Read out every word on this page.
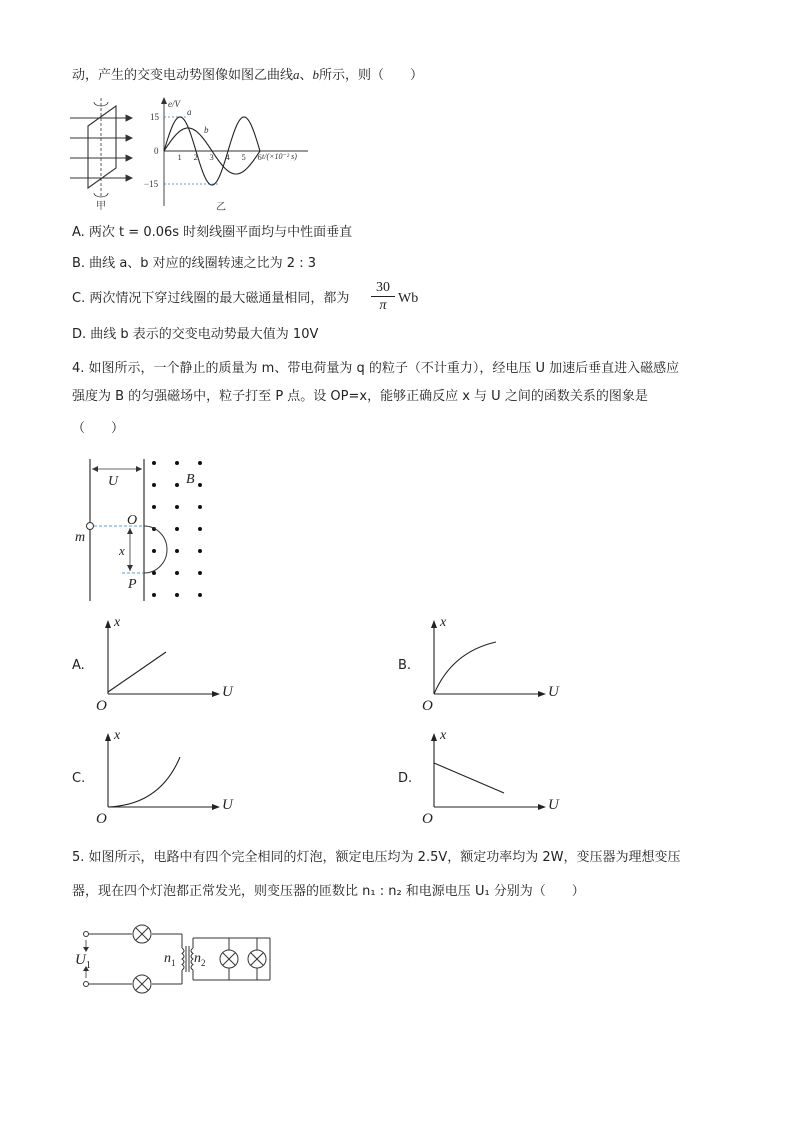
动，产生的交变电动势图像如图乙曲线a、b所示，则（　　）
甲
e/V
15
0
−15
t/(×10⁻² s)
1 2 3 4 5 6
a
b
乙
A. 两次 t = 0.06s 时刻线圈平面均与中性面垂直
B. 曲线 a、b 对应的线圈转速之比为 2 : 3
C. 两次情况下穿过线圈的最大磁通量相同，都为 $\frac{30}{\pi}$ Wb
D. 曲线 b 表示的交变电动势最大值为 10V
4. 如图所示，一个静止的质量为 m、带电荷量为 q 的粒子（不计重力），经电压 U 加速后垂直进入磁感应
强度为 B 的匀强磁场中，粒子打至 P 点。设 OP=x，能够正确反应 x 与 U 之间的函数关系的图象是
（　　）
U	B
m
O
P
x
A.
x
U
O
B.
x
U
O
C.
x
U
O
D.
x
U
O
5. 如图所示，电路中有四个完全相同的灯泡，额定电压均为 2.5V，额定功率均为 2W，变压器为理想变压
器，现在四个灯泡都正常发光，则变压器的匝数比 n₁ : n₂ 和电源电压 U₁ 分别为（　　）
$U_1$	$n_1$ $n_2$
